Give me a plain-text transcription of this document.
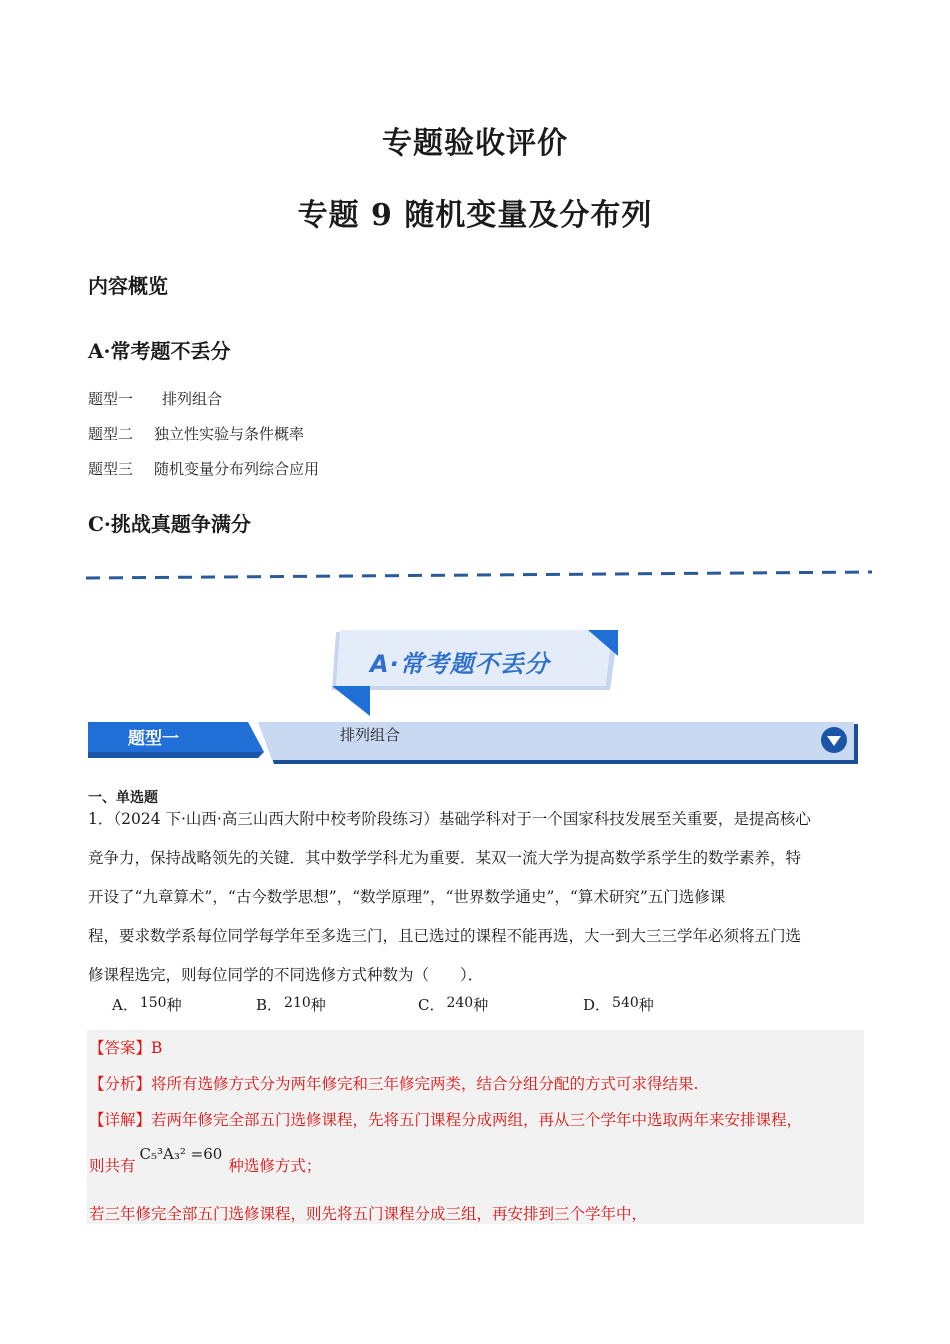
专题验收评价
专题 9 随机变量及分布列
内容概览
A·常考题不丢分
题型一 排列组合
题型二 独立性实验与条件概率
题型三 随机变量分布列综合应用
C·挑战真题争满分
A·常考题不丢分
题型一	排列组合
一、单选题
1．（2024 下·山西·高三山西大附中校考阶段练习）基础学科对于一个国家科技发展至关重要，是提高核心
竞争力，保持战略领先的关键．其中数学学科尤为重要．某双一流大学为提高数学系学生的数学素养，特
开设了“九章算术”，“古今数学思想”，“数学原理”，“世界数学通史”，“算术研究”五门选修课
程，要求数学系每位同学每学年至多选三门，且已选过的课程不能再选，大一到大三三学年必须将五门选
修课程选完，则每位同学的不同选修方式种数为（　　）．
A． 150种	B． 210种	C． 240种	D． 540种
【答案】B
【分析】将所有选修方式分为两年修完和三年修完两类，结合分组分配的方式可求得结果.
【详解】若两年修完全部五门选修课程，先将五门课程分成两组，再从三个学年中选取两年来安排课程，
则共有C₅³A₃² =60种选修方式；
若三年修完全部五门选修课程，则先将五门课程分成三组，再安排到三个学年中，
